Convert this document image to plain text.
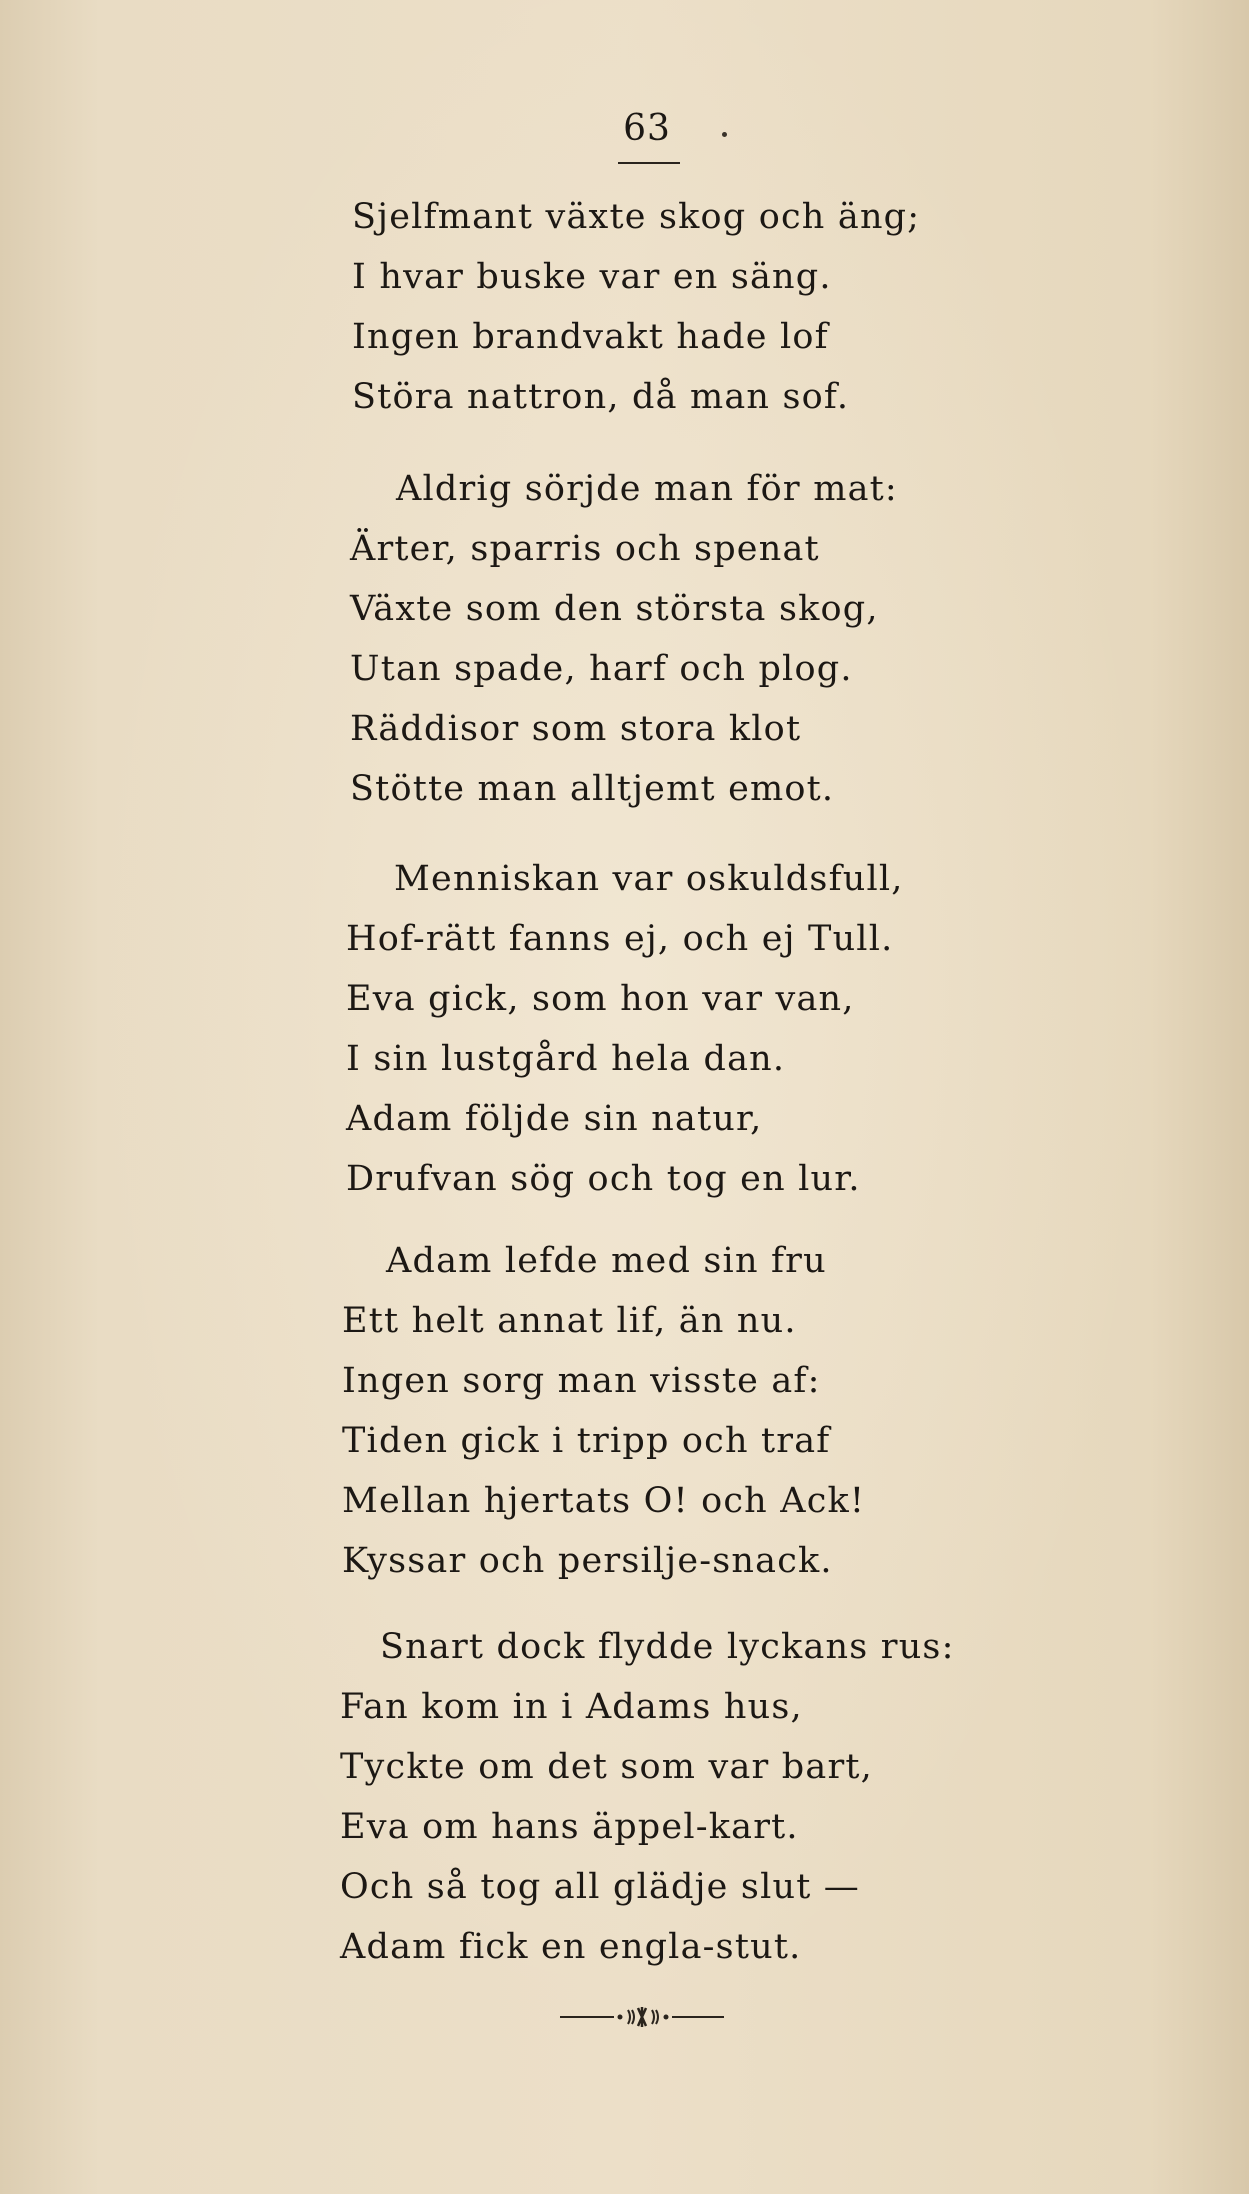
63
Sjelfmant växte skog och äng;
I hvar buske var en säng.
Ingen brandvakt hade lof
Störa nattron, då man sof.
Aldrig sörjde man för mat:
Ärter, sparris och spenat
Växte som den största skog,
Utan spade, harf och plog.
Räddisor som stora klot
Stötte man alltjemt emot.
Menniskan var oskuldsfull,
Hof-rätt fanns ej, och ej Tull.
Eva gick, som hon var van,
I sin lustgård hela dan.
Adam följde sin natur,
Drufvan sög och tog en lur.
Adam lefde med sin fru
Ett helt annat lif, än nu.
Ingen sorg man visste af:
Tiden gick i tripp och traf
Mellan hjertats O! och Ack!
Kyssar och persilje-snack.
Snart dock flydde lyckans rus:
Fan kom in i Adams hus,
Tyckte om det som var bart,
Eva om hans äppel-kart.
Och så tog all glädje slut —
Adam fick en engla-stut.
